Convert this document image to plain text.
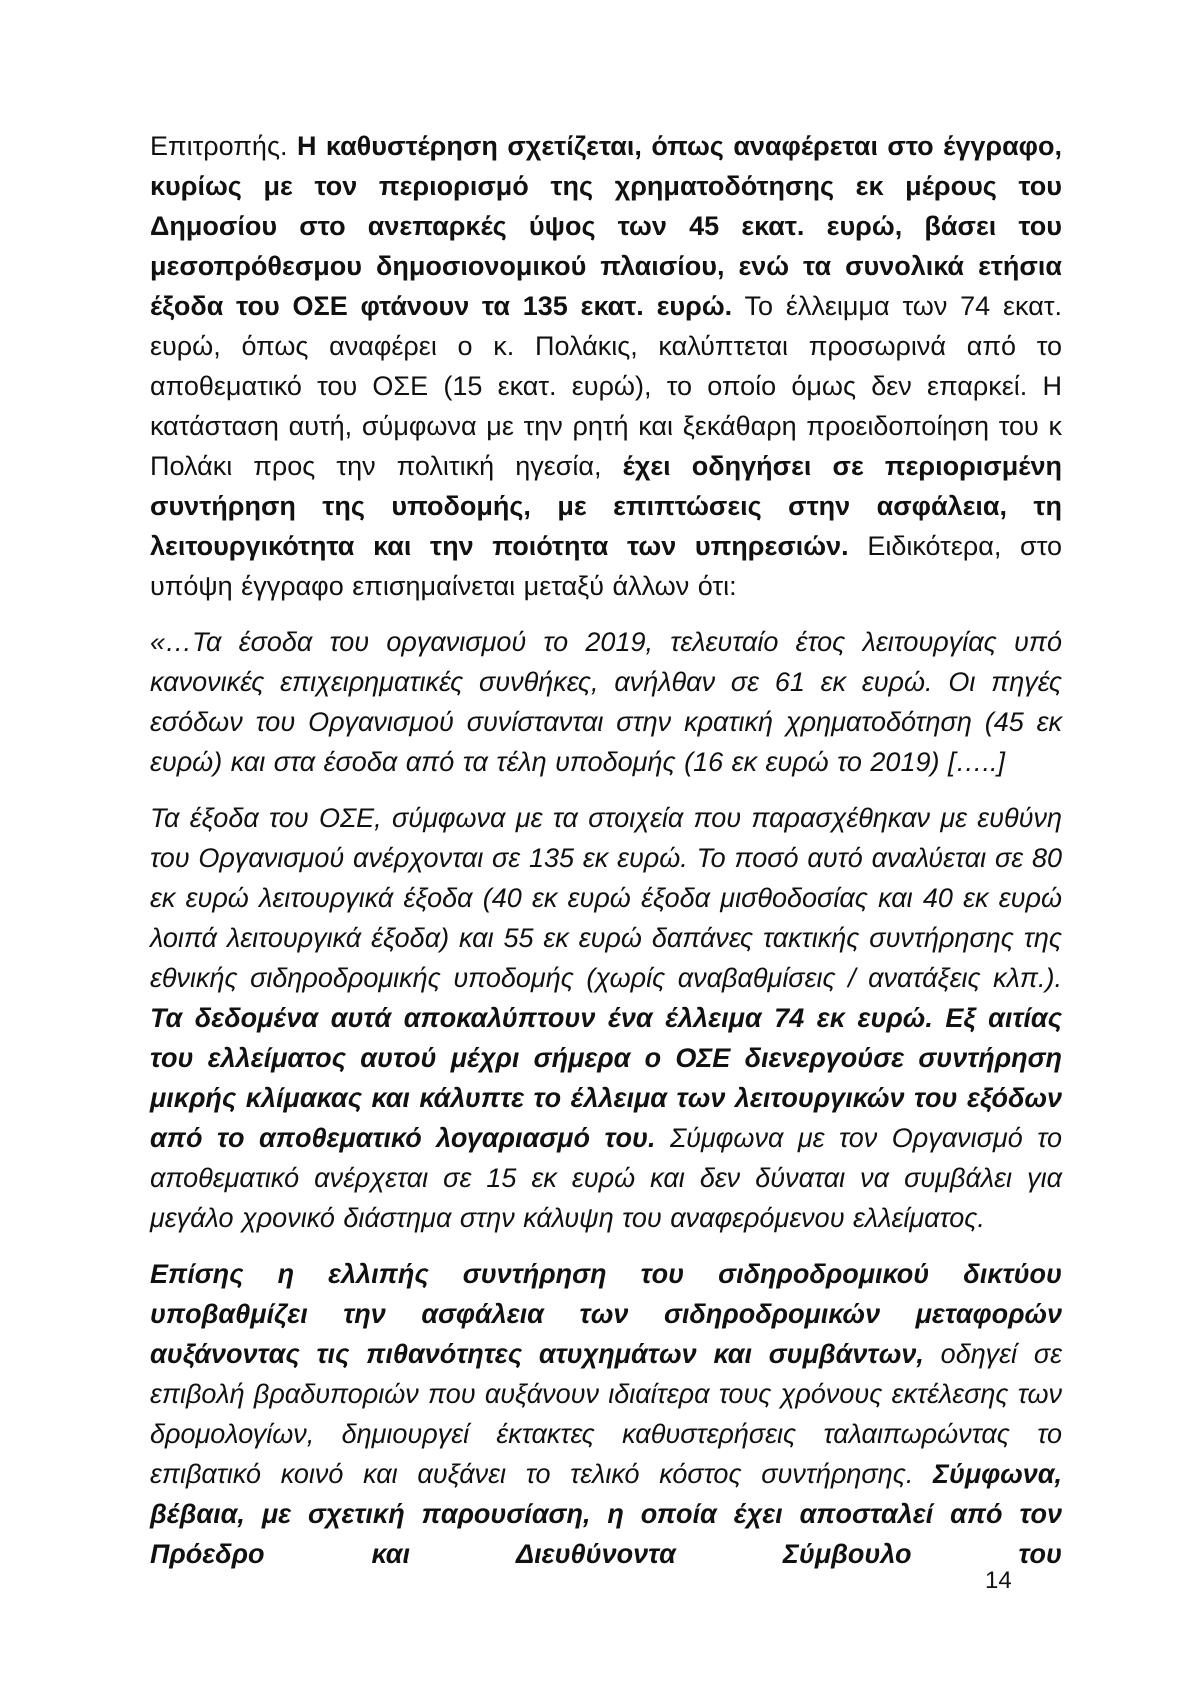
Επιτροπής. Η καθυστέρηση σχετίζεται, όπως αναφέρεται στο έγγραφο, κυρίως με τον περιορισμό της χρηματοδότησης εκ μέρους του Δημοσίου στο ανεπαρκές ύψος των 45 εκατ. ευρώ, βάσει του μεσοπρόθεσμου δημοσιονομικού πλαισίου, ενώ τα συνολικά ετήσια έξοδα του ΟΣΕ φτάνουν τα 135 εκατ. ευρώ. Το έλλειμμα των 74 εκατ. ευρώ, όπως αναφέρει ο κ. Πολάκις, καλύπτεται προσωρινά από το αποθεματικό του ΟΣΕ (15 εκατ. ευρώ), το οποίο όμως δεν επαρκεί. Η κατάσταση αυτή, σύμφωνα με την ρητή και ξεκάθαρη προειδοποίηση του κ Πολάκι προς την πολιτική ηγεσία, έχει οδηγήσει σε περιορισμένη συντήρηση της υποδομής, με επιπτώσεις στην ασφάλεια, τη λειτουργικότητα και την ποιότητα των υπηρεσιών. Ειδικότερα, στο υπόψη έγγραφο επισημαίνεται μεταξύ άλλων ότι:

«…Τα έσοδα του οργανισμού το 2019, τελευταίο έτος λειτουργίας υπό κανονικές επιχειρηματικές συνθήκες, ανήλθαν σε 61 εκ ευρώ. Οι πηγές εσόδων του Οργανισμού συνίστανται στην κρατική χρηματοδότηση (45 εκ ευρώ) και στα έσοδα από τα τέλη υποδομής (16 εκ ευρώ το 2019) […..]

Τα έξοδα του ΟΣΕ, σύμφωνα με τα στοιχεία που παρασχέθηκαν με ευθύνη του Οργανισμού ανέρχονται σε 135 εκ ευρώ. Το ποσό αυτό αναλύεται σε 80 εκ ευρώ λειτουργικά έξοδα (40 εκ ευρώ έξοδα μισθοδοσίας και 40 εκ ευρώ λοιπά λειτουργικά έξοδα) και 55 εκ ευρώ δαπάνες τακτικής συντήρησης της εθνικής σιδηροδρομικής υποδομής (χωρίς αναβαθμίσεις / ανατάξεις κλπ.). Τα δεδομένα αυτά αποκαλύπτουν ένα έλλειμα 74 εκ ευρώ. Εξ αιτίας του ελλείματος αυτού μέχρι σήμερα ο ΟΣΕ διενεργούσε συντήρηση μικρής κλίμακας και κάλυπτε το έλλειμα των λειτουργικών του εξόδων από το αποθεματικό λογαριασμό του. Σύμφωνα με τον Οργανισμό το αποθεματικό ανέρχεται σε 15 εκ ευρώ και δεν δύναται να συμβάλει για μεγάλο χρονικό διάστημα στην κάλυψη του αναφερόμενου ελλείματος.

Επίσης η ελλιπής συντήρηση του σιδηροδρομικού δικτύου υποβαθμίζει την ασφάλεια των σιδηροδρομικών μεταφορών αυξάνοντας τις πιθανότητες ατυχημάτων και συμβάντων, οδηγεί σε επιβολή βραδυποριών που αυξάνουν ιδιαίτερα τους χρόνους εκτέλεσης των δρομολογίων, δημιουργεί έκτακτες καθυστερήσεις ταλαιπωρώντας το επιβατικό κοινό και αυξάνει το τελικό κόστος συντήρησης. Σύμφωνα, βέβαια, με σχετική παρουσίαση, η οποία έχει αποσταλεί από τον Πρόεδρο και Διευθύνοντα Σύμβουλο του

14
